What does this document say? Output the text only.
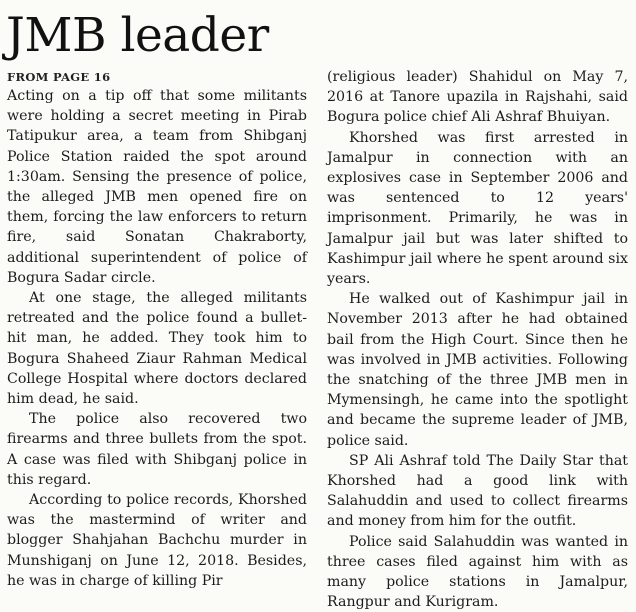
JMB leader
FROM PAGE 16

Acting on a tip off that some militants were holding a secret meeting in Pirab Tatipukur area, a team from Shibganj Police Station raided the spot around 1:30am. Sensing the presence of police, the alleged JMB men opened fire on them, forcing the law enforcers to return fire, said Sonatan Chakraborty, additional superintendent of police of Bogura Sadar circle.

At one stage, the alleged militants retreated and the police found a bullet-hit man, he added. They took him to Bogura Shaheed Ziaur Rahman Medical College Hospital where doctors declared him dead, he said.

The police also recovered two firearms and three bullets from the spot. A case was filed with Shibganj police in this regard.

According to police records, Khorshed was the mastermind of writer and blogger Shahjahan Bachchu murder in Munshiganj on June 12, 2018. Besides, he was in charge of killing Pir

(religious leader) Shahidul on May 7, 2016 at Tanore upazila in Rajshahi, said Bogura police chief Ali Ashraf Bhuiyan.

Khorshed was first arrested in Jamalpur in connection with an explosives case in September 2006 and was sentenced to 12 years' imprisonment. Primarily, he was in Jamalpur jail but was later shifted to Kashimpur jail where he spent around six years.

He walked out of Kashimpur jail in November 2013 after he had obtained bail from the High Court. Since then he was involved in JMB activities. Following the snatching of the three JMB men in Mymensingh, he came into the spotlight and became the supreme leader of JMB, police said.

SP Ali Ashraf told The Daily Star that Khorshed had a good link with Salahuddin and used to collect firearms and money from him for the outfit.

Police said Salahuddin was wanted in three cases filed against him with as many police stations in Jamalpur, Rangpur and Kurigram.
